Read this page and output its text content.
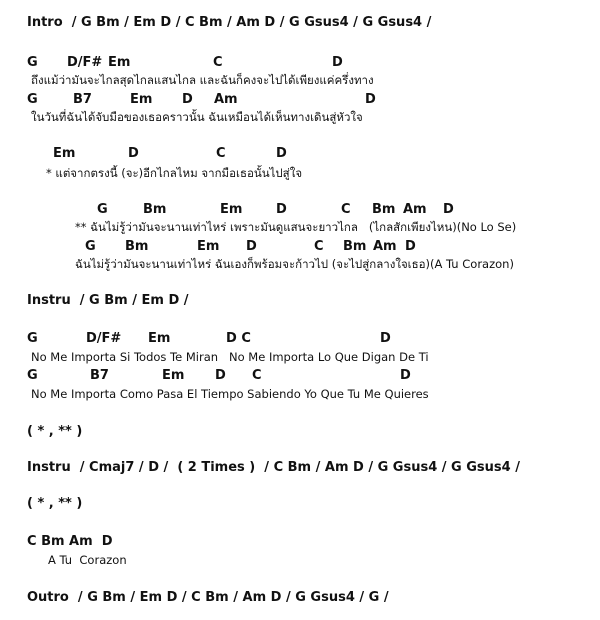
Intro  / G Bm / Em D / C Bm / Am D / G Gsus4 / G Gsus4 /
G D/F# Em	C	D
ถึงแม้ว่ามันจะไกลสุดไกลแสนไกล และฉันก็คงจะไปได้เพียงแค่ครึ่งทาง
G	B7	Em D Am	D
ในวันที่ฉันได้จับมือของเธอคราวนั้น ฉันเหมือนได้เห็นทางเดินสู่หัวใจ
Em	D	C	D
* แต่จากตรงนี้ (จะ)อีกไกลไหม จากมือเธอนั้นไปสู่ใจ
G	Bm	Em	D	C Bm Am D
** ฉันไม่รู้ว่ามันจะนานเท่าไหร่ เพราะมันดูแสนจะยาวไกล   (ไกลสักเพียงไหน)(No Lo Se)
G Bm	Em D	C Bm Am D
ฉันไม่รู้ว่ามันจะนานเท่าไหร่ ฉันเองก็พร้อมจะก้าวไป (จะไปสู่กลางใจเธอ)(A Tu Corazon)
Instru  / G Bm / Em D /
G	D/F# Em	D C	D
No Me Importa Si Todos Te Miran   No Me Importa Lo Que Digan De Ti
G	B7	Em D C	D
No Me Importa Como Pasa El Tiempo Sabiendo Yo Que Tu Me Quieres
( * , ** )
Instru  / Cmaj7 / D /  ( 2 Times )  / C Bm / Am D / G Gsus4 / G Gsus4 /
( * , ** )
C Bm Am  D
A Tu  Corazon
Outro  / G Bm / Em D / C Bm / Am D / G Gsus4 / G /
